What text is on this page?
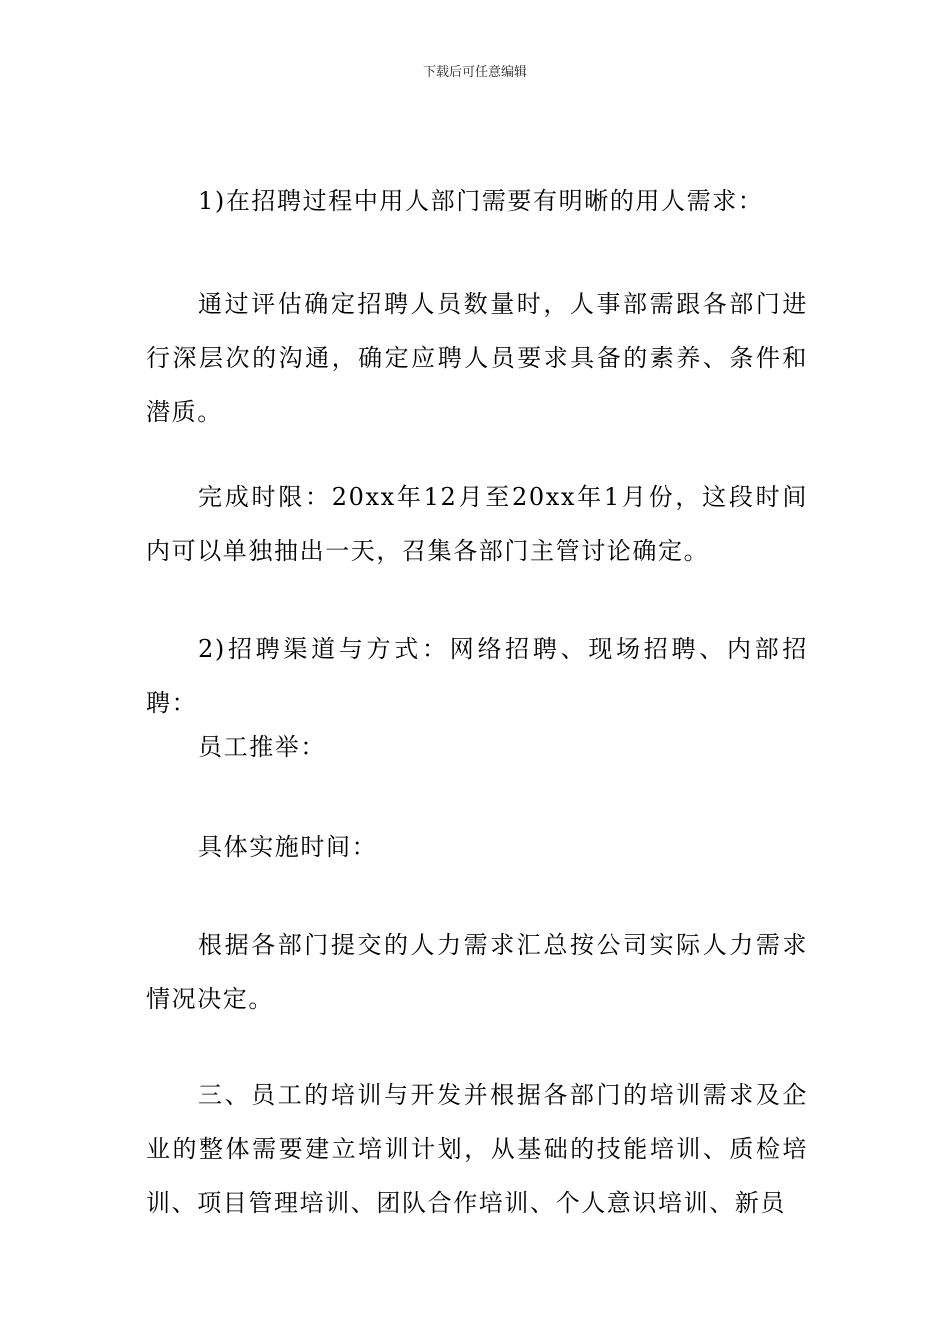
下载后可任意编辑

1)在招聘过程中用人部门需要有明晰的用人需求：

通过评估确定招聘人员数量时，人事部需跟各部门进行深层次的沟通，确定应聘人员要求具备的素养、条件和潜质。

完成时限：20xx年12月至20xx年1月份，这段时间内可以单独抽出一天，召集各部门主管讨论确定。

2)招聘渠道与方式：网络招聘、现场招聘、内部招聘：

员工推举：

具体实施时间：

根据各部门提交的人力需求汇总按公司实际人力需求情况决定。

三、员工的培训与开发并根据各部门的培训需求及企业的整体需要建立培训计划，从基础的技能培训、质检培训、项目管理培训、团队合作培训、个人意识培训、新员
